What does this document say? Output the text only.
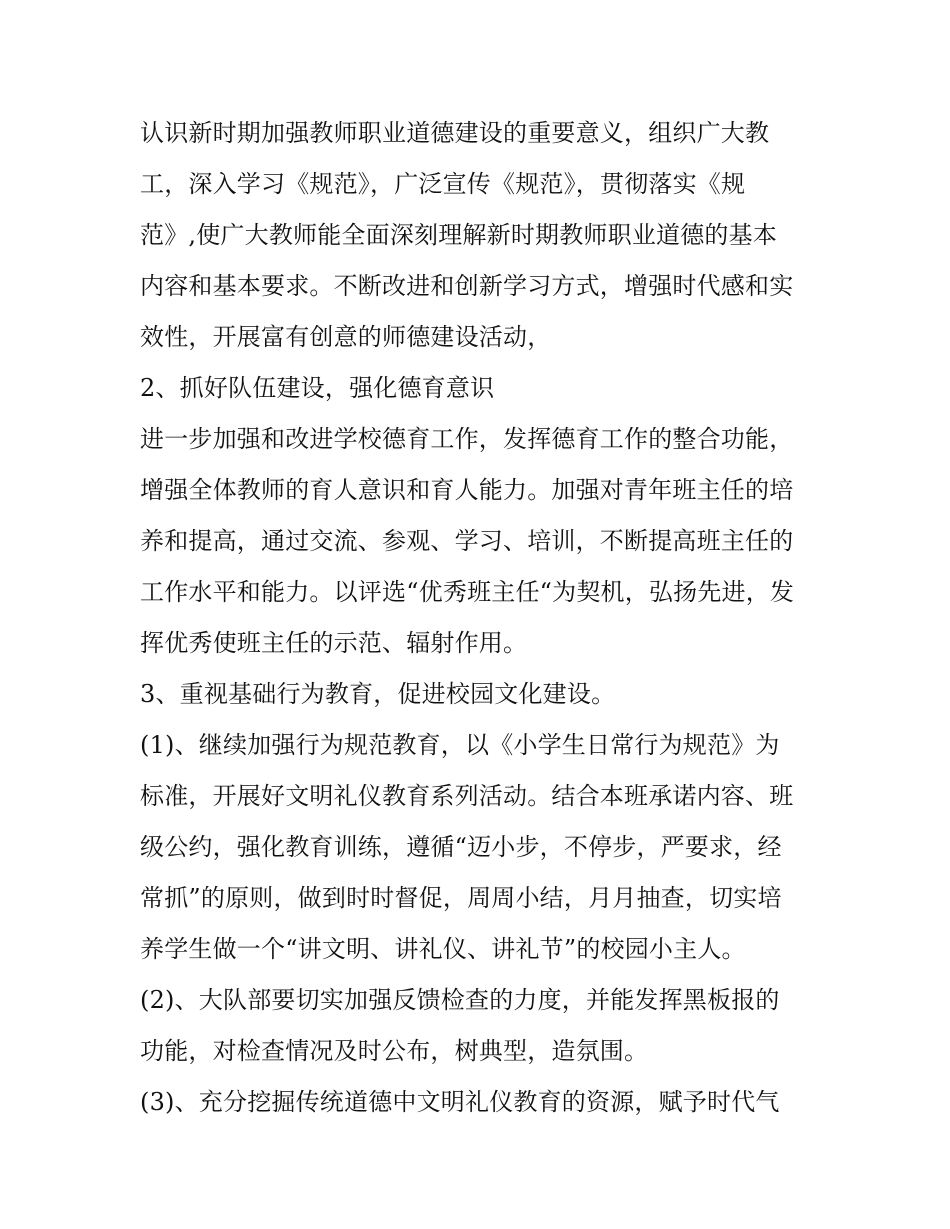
认识新时期加强教师职业道德建设的重要意义，组织广大教
工，深入学习《规范》，广泛宣传《规范》，贯彻落实《规
范》,使广大教师能全面深刻理解新时期教师职业道德的基本
内容和基本要求。不断改进和创新学习方式，增强时代感和实
效性，开展富有创意的师德建设活动，
2、抓好队伍建设，强化德育意识
进一步加强和改进学校德育工作，发挥德育工作的整合功能，
增强全体教师的育人意识和育人能力。加强对青年班主任的培
养和提高，通过交流、参观、学习、培训，不断提高班主任的
工作水平和能力。以评选“优秀班主任“为契机，弘扬先进，发
挥优秀使班主任的示范、辐射作用。
3、重视基础行为教育，促进校园文化建设。
(1)、继续加强行为规范教育，以《小学生日常行为规范》为
标准，开展好文明礼仪教育系列活动。结合本班承诺内容、班
级公约，强化教育训练，遵循“迈小步，不停步，严要求，经
常抓”的原则，做到时时督促，周周小结，月月抽查，切实培
养学生做一个“讲文明、讲礼仪、讲礼节”的校园小主人。
(2)、大队部要切实加强反馈检查的力度，并能发挥黑板报的
功能，对检查情况及时公布，树典型，造氛围。
(3)、充分挖掘传统道德中文明礼仪教育的资源，赋予时代气
